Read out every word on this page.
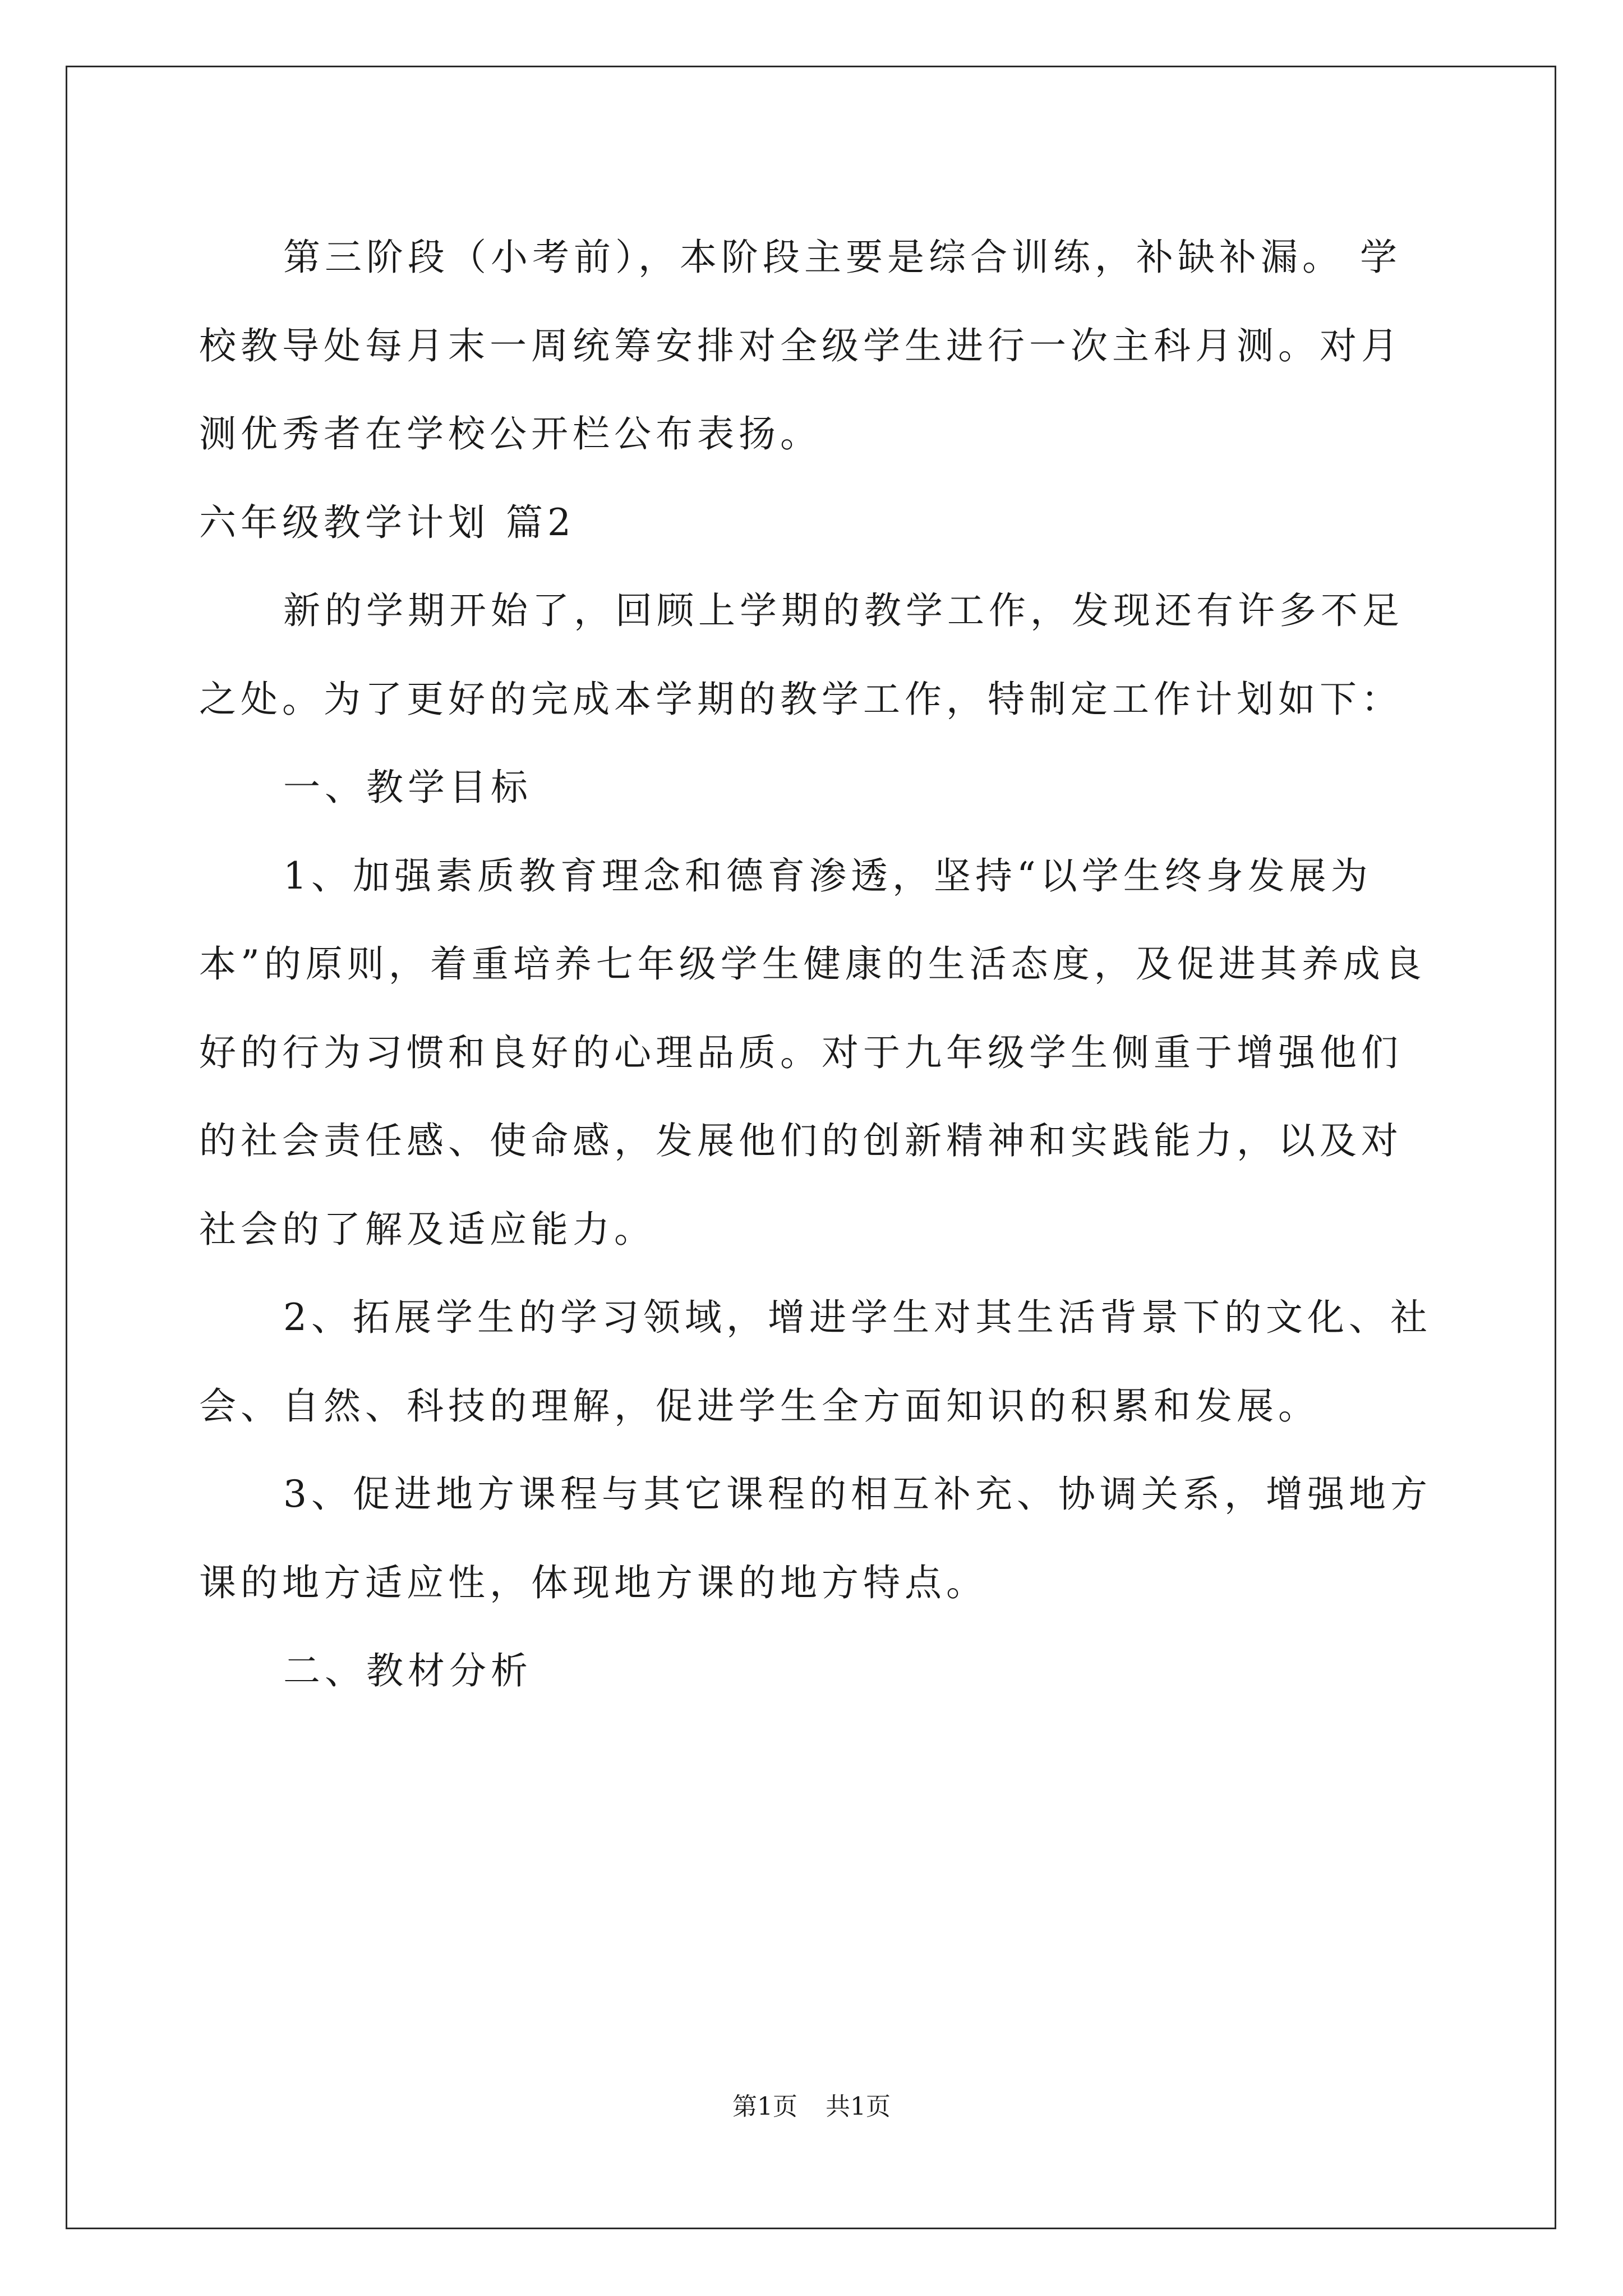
第三阶段（小考前），本阶段主要是综合训练，补缺补漏。 学校教导处每月末一周统筹安排对全级学生进行一次主科月测。对月测优秀者在学校公开栏公布表扬。

六年级教学计划 篇2

新的学期开始了，回顾上学期的教学工作，发现还有许多不足之处。为了更好的完成本学期的教学工作，特制定工作计划如下：

一、教学目标

1、加强素质教育理念和德育渗透，坚持“以学生终身发展为本”的原则，着重培养七年级学生健康的生活态度，及促进其养成良好的行为习惯和良好的心理品质。对于九年级学生侧重于增强他们的社会责任感、使命感，发展他们的创新精神和实践能力，以及对社会的了解及适应能力。

2、拓展学生的学习领域，增进学生对其生活背景下的文化、社会、自然、科技的理解，促进学生全方面知识的积累和发展。

3、促进地方课程与其它课程的相互补充、协调关系，增强地方课的地方适应性，体现地方课的地方特点。

二、教材分析

第1页 共1页
